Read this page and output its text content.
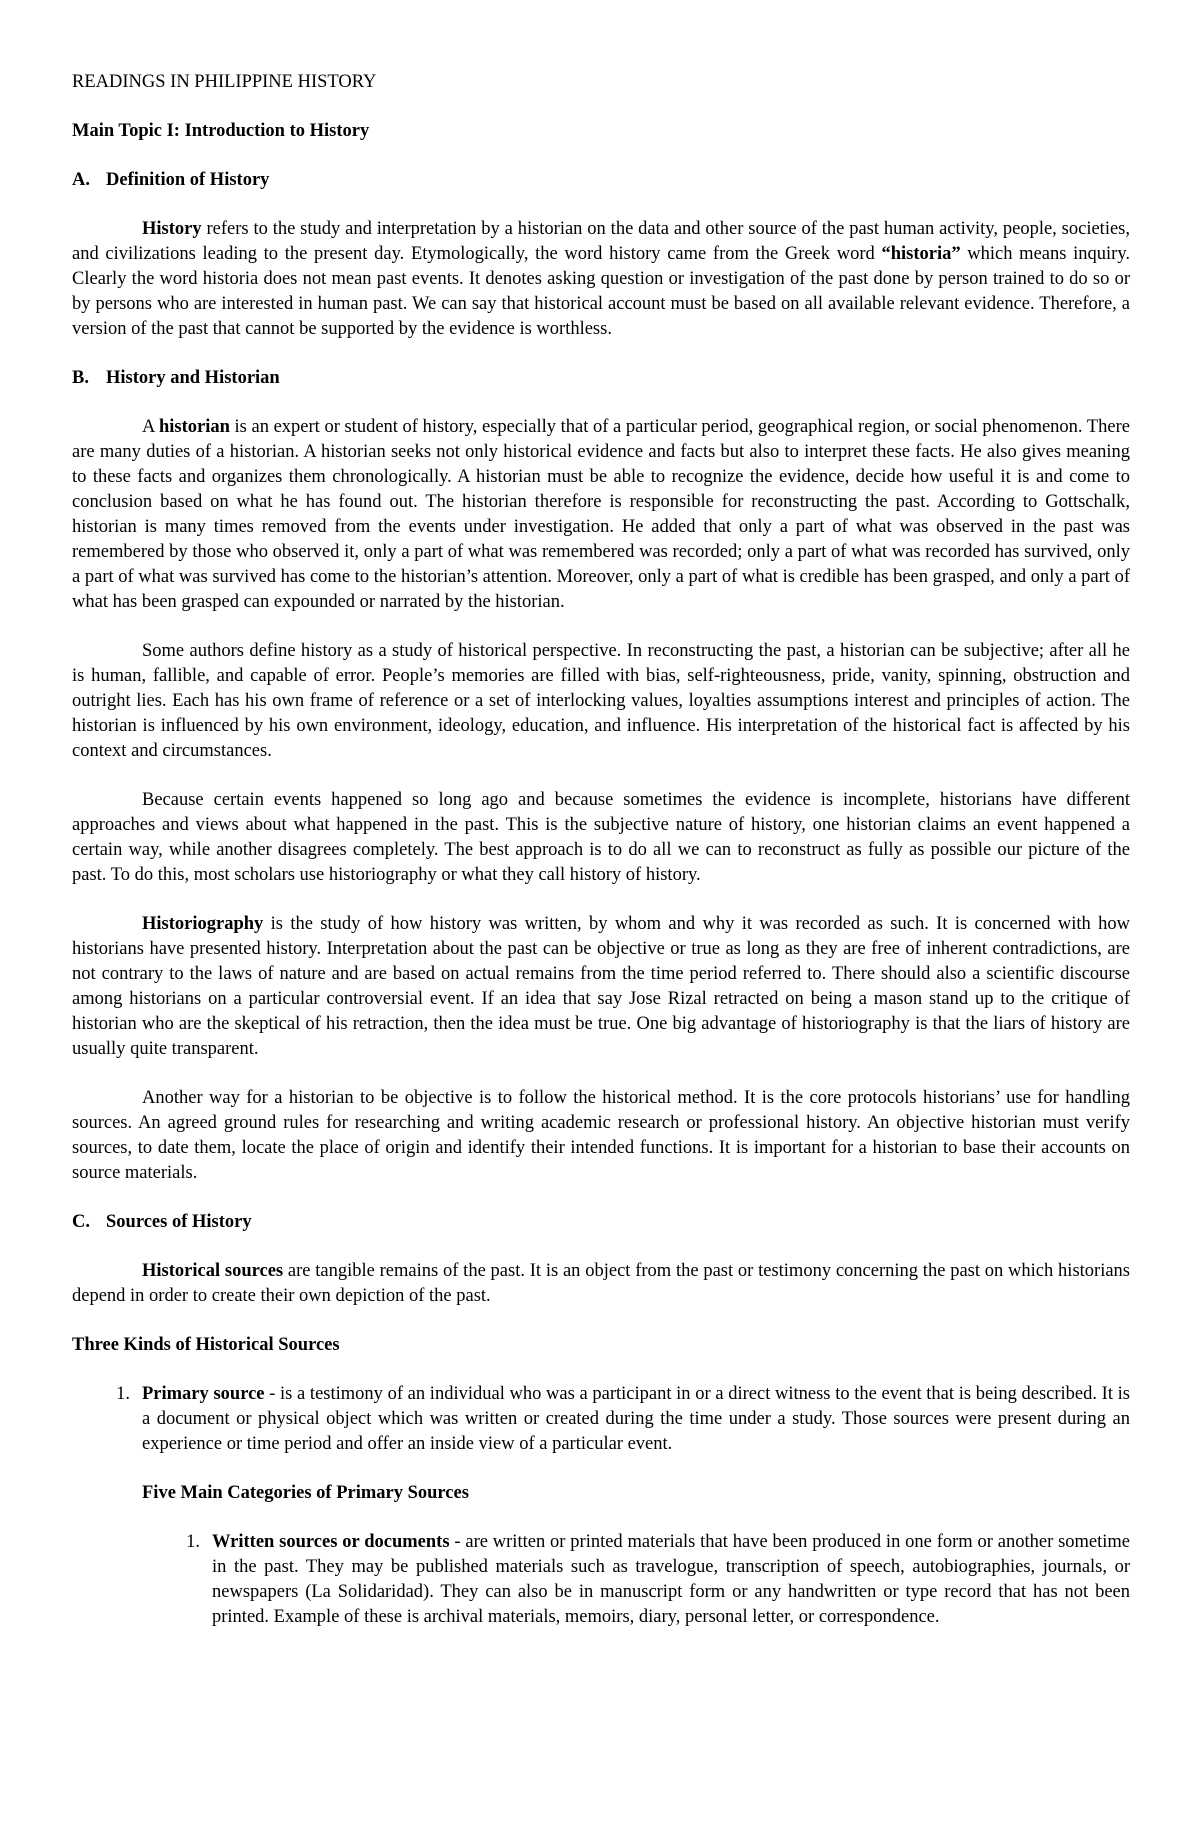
READINGS IN PHILIPPINE HISTORY

Main Topic I: Introduction to History

A. Definition of History

History refers to the study and interpretation by a historian on the data and other source of the past human activity, people, societies, and civilizations leading to the present day. Etymologically, the word history came from the Greek word “historia” which means inquiry. Clearly the word historia does not mean past events. It denotes asking question or investigation of the past done by person trained to do so or by persons who are interested in human past. We can say that historical account must be based on all available relevant evidence. Therefore, a version of the past that cannot be supported by the evidence is worthless.

B. History and Historian

A historian is an expert or student of history, especially that of a particular period, geographical region, or social phenomenon. There are many duties of a historian. A historian seeks not only historical evidence and facts but also to interpret these facts. He also gives meaning to these facts and organizes them chronologically. A historian must be able to recognize the evidence, decide how useful it is and come to conclusion based on what he has found out. The historian therefore is responsible for reconstructing the past. According to Gottschalk, historian is many times removed from the events under investigation. He added that only a part of what was observed in the past was remembered by those who observed it, only a part of what was remembered was recorded; only a part of what was recorded has survived, only a part of what was survived has come to the historian’s attention. Moreover, only a part of what is credible has been grasped, and only a part of what has been grasped can expounded or narrated by the historian.

Some authors define history as a study of historical perspective. In reconstructing the past, a historian can be subjective; after all he is human, fallible, and capable of error. People’s memories are filled with bias, self-righteousness, pride, vanity, spinning, obstruction and outright lies. Each has his own frame of reference or a set of interlocking values, loyalties assumptions interest and principles of action. The historian is influenced by his own environment, ideology, education, and influence. His interpretation of the historical fact is affected by his context and circumstances.

Because certain events happened so long ago and because sometimes the evidence is incomplete, historians have different approaches and views about what happened in the past. This is the subjective nature of history, one historian claims an event happened a certain way, while another disagrees completely. The best approach is to do all we can to reconstruct as fully as possible our picture of the past. To do this, most scholars use historiography or what they call history of history.

Historiography is the study of how history was written, by whom and why it was recorded as such. It is concerned with how historians have presented history. Interpretation about the past can be objective or true as long as they are free of inherent contradictions, are not contrary to the laws of nature and are based on actual remains from the time period referred to. There should also a scientific discourse among historians on a particular controversial event. If an idea that say Jose Rizal retracted on being a mason stand up to the critique of historian who are the skeptical of his retraction, then the idea must be true. One big advantage of historiography is that the liars of history are usually quite transparent.

Another way for a historian to be objective is to follow the historical method. It is the core protocols historians’ use for handling sources. An agreed ground rules for researching and writing academic research or professional history. An objective historian must verify sources, to date them, locate the place of origin and identify their intended functions. It is important for a historian to base their accounts on source materials.

C. Sources of History

Historical sources are tangible remains of the past. It is an object from the past or testimony concerning the past on which historians depend in order to create their own depiction of the past.

Three Kinds of Historical Sources

1. Primary source - is a testimony of an individual who was a participant in or a direct witness to the event that is being described. It is a document or physical object which was written or created during the time under a study. Those sources were present during an experience or time period and offer an inside view of a particular event.

Five Main Categories of Primary Sources

1. Written sources or documents - are written or printed materials that have been produced in one form or another sometime in the past. They may be published materials such as travelogue, transcription of speech, autobiographies, journals, or newspapers (La Solidaridad). They can also be in manuscript form or any handwritten or type record that has not been printed. Example of these is archival materials, memoirs, diary, personal letter, or correspondence.
